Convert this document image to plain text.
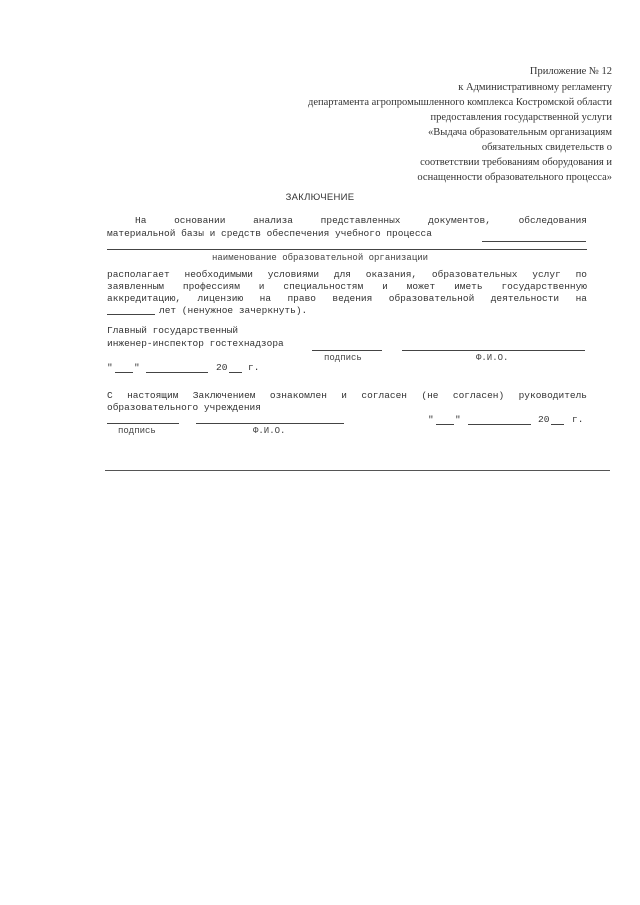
Приложение № 12
к Административному регламенту
департамента агропромышленного комплекса Костромской области
предоставления государственной услуги
«Выдача образовательным организациям
обязательных свидетельств о
соответствии требованиям оборудования и
оснащенности образовательного процесса»
ЗАКЛЮЧЕНИЕ
На основании анализа представленных документов, обследования
материальной базы и средств обеспечения учебного процесса
наименование образовательной организации
располагает необходимыми условиями для оказания, образовательных услуг по
заявленным профессиям и специальностям и может иметь государственную
аккредитацию, лицензию на право ведения образовательной деятельности на
лет (ненужное зачеркнуть).
Главный государственный
инженер-инспектор гостехнадзора
подпись	Ф.И.О.
" "	20 г.
С настоящим Заключением ознакомлен и согласен (не согласен) руководитель
образовательного учреждения
подпись	Ф.И.О.
" "	20 г.
